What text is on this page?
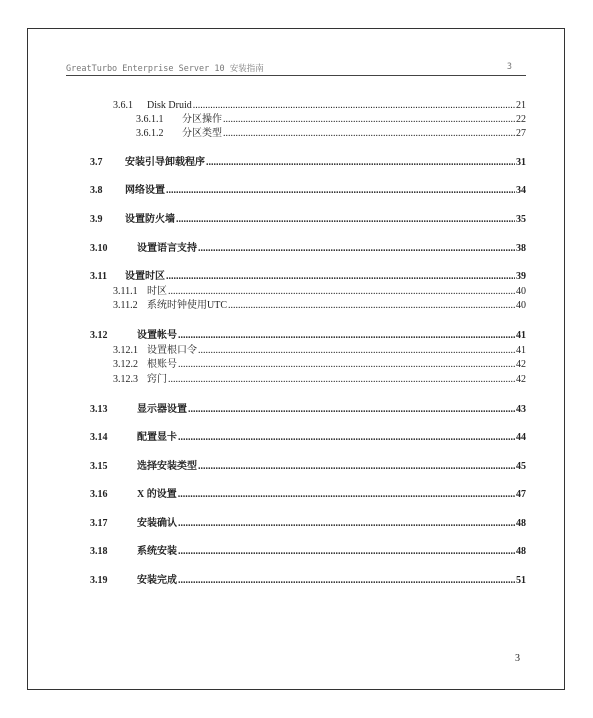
GreatTurbo Enterprise Server 10 安装指南	3
3.6.1	Disk Druid .....	21
3.6.1.1	分区操作 .....	22
3.6.1.2	分区类型 .....	27
3.7	安装引导卸载程序 .....	31
3.8	网络设置 .....	34
3.9	设置防火墙 .....	35
3.10	设置语言支持 .....	38
3.11	设置时区 .....	39
3.11.1 时区 .....	40
3.11.2 系统时钟使用UTC .....	40
3.12	设置帐号 .....	41
3.12.1 设置根口令 .....	41
3.12.2 根账号 .....	42
3.12.3 窍门 .....	42
3.13	显示器设置 .....	43
3.14	配置显卡 .....	44
3.15	选择安装类型 .....	45
3.16	X 的设置 .....	47
3.17	安装确认 .....	48
3.18	系统安装 .....	48
3.19	安装完成 .....	51
3
